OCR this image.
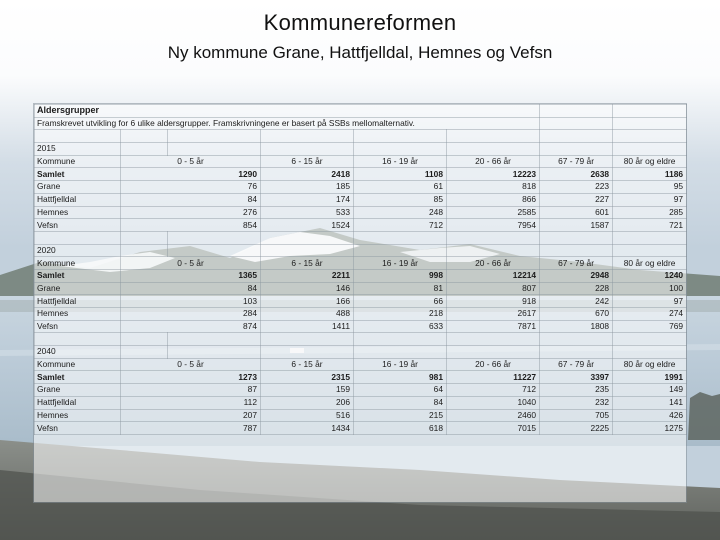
Kommunereformen
Ny kommune Grane, Hattfjelldal, Hemnes og Vefsn
Aldersgrupper							
Framskrevet utvikling for 6 ulike aldersgrupper. Framskrivningene er basert på SSBs mellomalternativ.							

2015							
Kommune	0 - 5 år		6 - 15 år	16 - 19 år	20 - 66 år	67 - 79 år	80 år og eldre
Samlet	1290		2418	1108	12223	2638	1186
Grane	76		185	61	818	223	95
Hattfjelldal	84		174	85	866	227	97
Hemnes	276		533	248	2585	601	285
Vefsn	854		1524	712	7954	1587	721

2020							
Kommune	0 - 5 år		6 - 15 år	16 - 19 år	20 - 66 år	67 - 79 år	80 år og eldre
Samlet	1365		2211	998	12214	2948	1240
Grane	84		146	81	807	228	100
Hattfjelldal	103		166	66	918	242	97
Hemnes	284		488	218	2617	670	274
Vefsn	874		1411	633	7871	1808	769

2040							
Kommune	0 - 5 år		6 - 15 år	16 - 19 år	20 - 66 år	67 - 79 år	80 år og eldre
Samlet	1273		2315	981	11227	3397	1991
Grane	87		159	64	712	235	149
Hattfjelldal	112		206	84	1040	232	141
Hemnes	207		516	215	2460	705	426
Vefsn	787		1434	618	7015	2225	1275
